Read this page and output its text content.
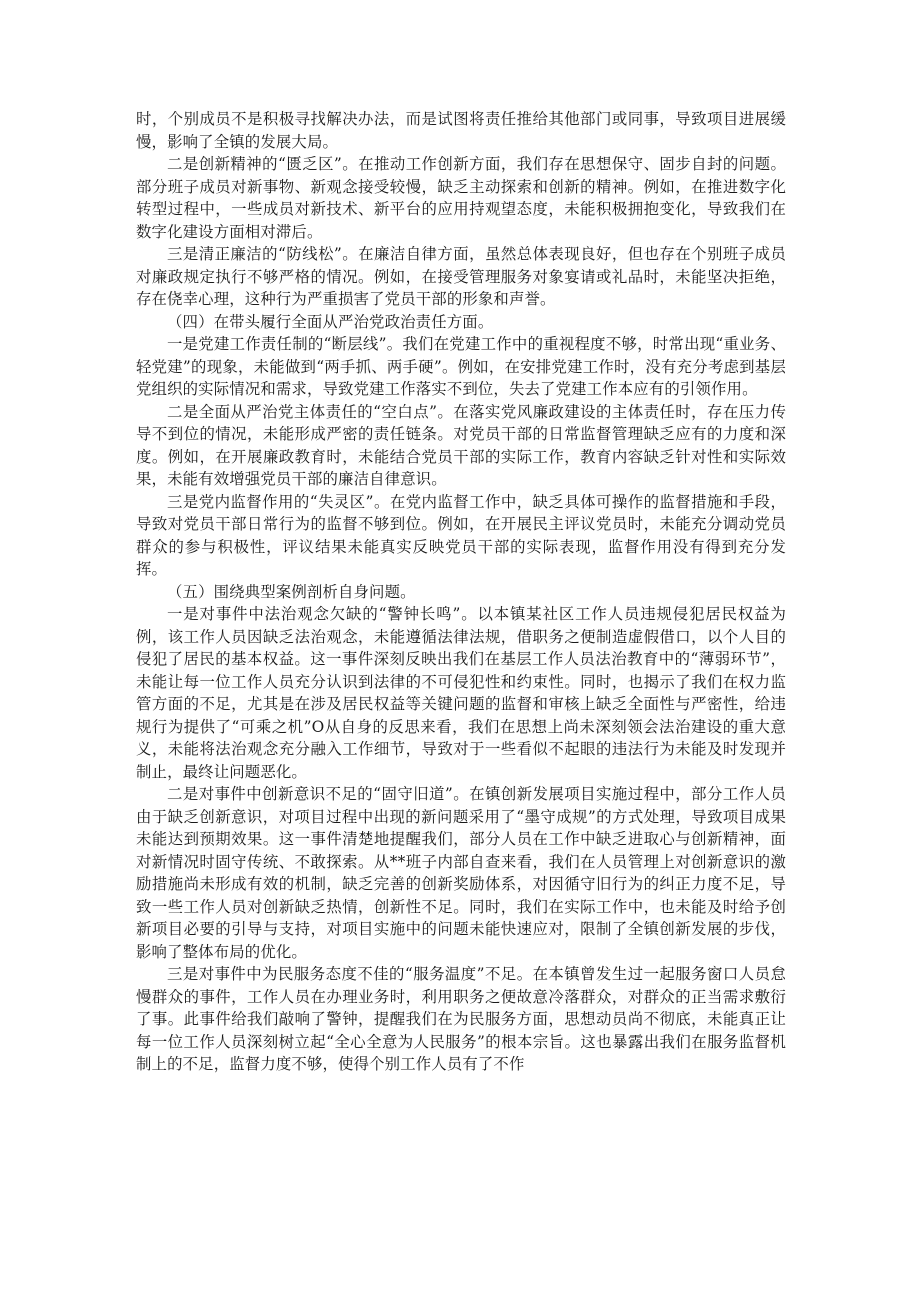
时，个别成员不是积极寻找解决办法，而是试图将责任推给其他部门或同事，导致项目进展缓慢，影响了全镇的发展大局。

二是创新精神的“匮乏区”。在推动工作创新方面，我们存在思想保守、固步自封的问题。部分班子成员对新事物、新观念接受较慢，缺乏主动探索和创新的精神。例如，在推进数字化转型过程中，一些成员对新技术、新平台的应用持观望态度，未能积极拥抱变化，导致我们在数字化建设方面相对滞后。

三是清正廉洁的“防线松”。在廉洁自律方面，虽然总体表现良好，但也存在个别班子成员对廉政规定执行不够严格的情况。例如，在接受管理服务对象宴请或礼品时，未能坚决拒绝，存在侥幸心理，这种行为严重损害了党员干部的形象和声誉。

（四）在带头履行全面从严治党政治责任方面。

一是党建工作责任制的“断层线”。我们在党建工作中的重视程度不够，时常出现“重业务、轻党建”的现象，未能做到“两手抓、两手硬”。例如，在安排党建工作时，没有充分考虑到基层党组织的实际情况和需求，导致党建工作落实不到位，失去了党建工作本应有的引领作用。

二是全面从严治党主体责任的“空白点”。在落实党风廉政建设的主体责任时，存在压力传导不到位的情况，未能形成严密的责任链条。对党员干部的日常监督管理缺乏应有的力度和深度。例如，在开展廉政教育时，未能结合党员干部的实际工作，教育内容缺乏针对性和实际效果，未能有效增强党员干部的廉洁自律意识。

三是党内监督作用的“失灵区”。在党内监督工作中，缺乏具体可操作的监督措施和手段，导致对党员干部日常行为的监督不够到位。例如，在开展民主评议党员时，未能充分调动党员群众的参与积极性，评议结果未能真实反映党员干部的实际表现，监督作用没有得到充分发挥。

（五）围绕典型案例剖析自身问题。

一是对事件中法治观念欠缺的“警钟长鸣”。以本镇某社区工作人员违规侵犯居民权益为例，该工作人员因缺乏法治观念，未能遵循法律法规，借职务之便制造虚假借口，以个人目的侵犯了居民的基本权益。这一事件深刻反映出我们在基层工作人员法治教育中的“薄弱环节”，未能让每一位工作人员充分认识到法律的不可侵犯性和约束性。同时，也揭示了我们在权力监管方面的不足，尤其是在涉及居民权益等关键问题的监督和审核上缺乏全面性与严密性，给违规行为提供了“可乘之机”O从自身的反思来看，我们在思想上尚未深刻领会法治建设的重大意义，未能将法治观念充分融入工作细节，导致对于一些看似不起眼的违法行为未能及时发现并制止，最终让问题恶化。

二是对事件中创新意识不足的“固守旧道”。在镇创新发展项目实施过程中，部分工作人员由于缺乏创新意识，对项目过程中出现的新问题采用了“墨守成规”的方式处理，导致项目成果未能达到预期效果。这一事件清楚地提醒我们，部分人员在工作中缺乏进取心与创新精神，面对新情况时固守传统、不敢探索。从**班子内部自查来看，我们在人员管理上对创新意识的激励措施尚未形成有效的机制，缺乏完善的创新奖励体系，对因循守旧行为的纠正力度不足，导致一些工作人员对创新缺乏热情，创新性不足。同时，我们在实际工作中，也未能及时给予创新项目必要的引导与支持，对项目实施中的问题未能快速应对，限制了全镇创新发展的步伐，影响了整体布局的优化。

三是对事件中为民服务态度不佳的“服务温度”不足。在本镇曾发生过一起服务窗口人员怠慢群众的事件，工作人员在办理业务时，利用职务之便故意冷落群众，对群众的正当需求敷衍了事。此事件给我们敲响了警钟，提醒我们在为民服务方面，思想动员尚不彻底，未能真正让每一位工作人员深刻树立起“全心全意为人民服务”的根本宗旨。这也暴露出我们在服务监督机制上的不足，监督力度不够，使得个别工作人员有了不作
